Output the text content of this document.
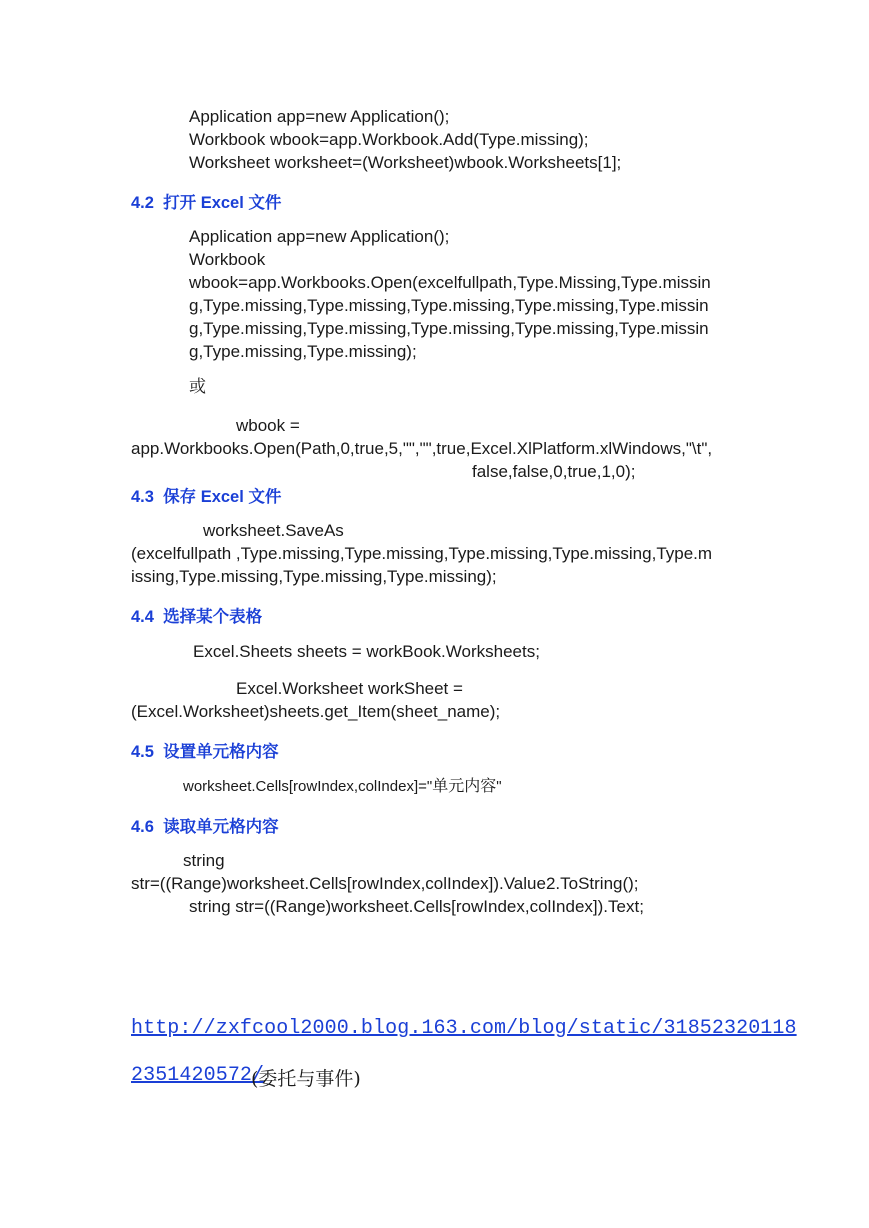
Application app=new Application();
Workbook wbook=app.Workbook.Add(Type.missing);
Worksheet worksheet=(Worksheet)wbook.Worksheets[1];
4.2  打开 Excel 文件
Application app=new Application();
Workbook
wbook=app.Workbooks.Open(excelfullpath,Type.Missing,Type.missin
g,Type.missing,Type.missing,Type.missing,Type.missing,Type.missin
g,Type.missing,Type.missing,Type.missing,Type.missing,Type.missin
g,Type.missing,Type.missing);
或
wbook =
app.Workbooks.Open(Path,0,true,5,"","",true,Excel.XlPlatform.xlWindows,"\t",
false,false,0,true,1,0);
4.3  保存 Excel 文件
worksheet.SaveAs
(excelfullpath ,Type.missing,Type.missing,Type.missing,Type.missing,Type.m
issing,Type.missing,Type.missing,Type.missing);
4.4  选择某个表格
Excel.Sheets sheets = workBook.Worksheets;
Excel.Worksheet workSheet =
(Excel.Worksheet)sheets.get_Item(sheet_name);
4.5  设置单元格内容
worksheet.Cells[rowIndex,colIndex]="单元内容"
4.6  读取单元格内容
string
str=((Range)worksheet.Cells[rowIndex,colIndex]).Value2.ToString();
string str=((Range)worksheet.Cells[rowIndex,colIndex]).Text;
http://zxfcool2000.blog.163.com/blog/static/31852320118
2351420572/
(委托与事件)
